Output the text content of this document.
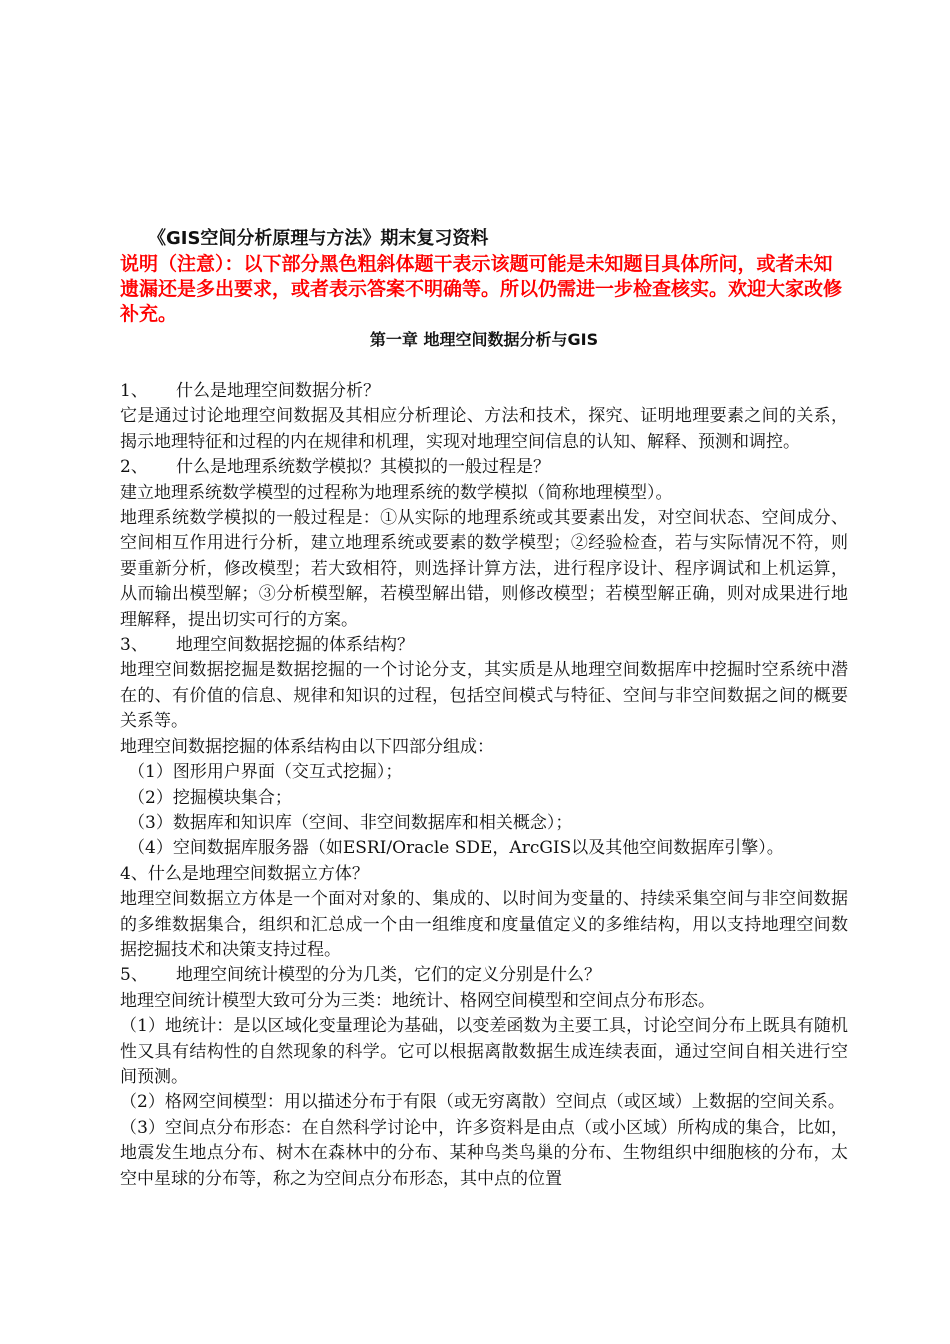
《GIS空间分析原理与方法》期末复习资料

说明（注意）：以下部分黑色粗斜体题干表示该题可能是未知题目具体所问，或者未知遗漏还是多出要求，或者表示答案不明确等。所以仍需进一步检查核实。欢迎大家改修补充。

第一章 地理空间数据分析与GIS

1、 什么是地理空间数据分析？

它是通过讨论地理空间数据及其相应分析理论、方法和技术，探究、证明地理要素之间的关系，揭示地理特征和过程的内在规律和机理，实现对地理空间信息的认知、解释、预测和调控。

2、 什么是地理系统数学模拟？其模拟的一般过程是？

建立地理系统数学模型的过程称为地理系统的数学模拟（简称地理模型）。

地理系统数学模拟的一般过程是：①从实际的地理系统或其要素出发，对空间状态、空间成分、空间相互作用进行分析，建立地理系统或要素的数学模型；②经验检查，若与实际情况不符，则要重新分析，修改模型；若大致相符，则选择计算方法，进行程序设计、程序调试和上机运算，从而输出模型解；③分析模型解，若模型解出错，则修改模型；若模型解正确，则对成果进行地理解释，提出切实可行的方案。

3、 地理空间数据挖掘的体系结构？

地理空间数据挖掘是数据挖掘的一个讨论分支，其实质是从地理空间数据库中挖掘时空系统中潜在的、有价值的信息、规律和知识的过程，包括空间模式与特征、空间与非空间数据之间的概要关系等。

地理空间数据挖掘的体系结构由以下四部分组成：

（1）图形用户界面（交互式挖掘）；

（2）挖掘模块集合；

（3）数据库和知识库（空间、非空间数据库和相关概念）；

（4）空间数据库服务器（如ESRI/Oracle SDE，ArcGIS以及其他空间数据库引擎）。

4、什么是地理空间数据立方体？

地理空间数据立方体是一个面对对象的、集成的、以时间为变量的、持续采集空间与非空间数据的多维数据集合，组织和汇总成一个由一组维度和度量值定义的多维结构，用以支持地理空间数据挖掘技术和决策支持过程。

5、 地理空间统计模型的分为几类，它们的定义分别是什么？

地理空间统计模型大致可分为三类：地统计、格网空间模型和空间点分布形态。

（1）地统计：是以区域化变量理论为基础，以变差函数为主要工具，讨论空间分布上既具有随机性又具有结构性的自然现象的科学。它可以根据离散数据生成连续表面，通过空间自相关进行空间预测。

（2）格网空间模型：用以描述分布于有限（或无穷离散）空间点（或区域）上数据的空间关系。

（3）空间点分布形态：在自然科学讨论中，许多资料是由点（或小区域）所构成的集合，比如，地震发生地点分布、树木在森林中的分布、某种鸟类鸟巢的分布、生物组织中细胞核的分布，太空中星球的分布等，称之为空间点分布形态，其中点的位置
